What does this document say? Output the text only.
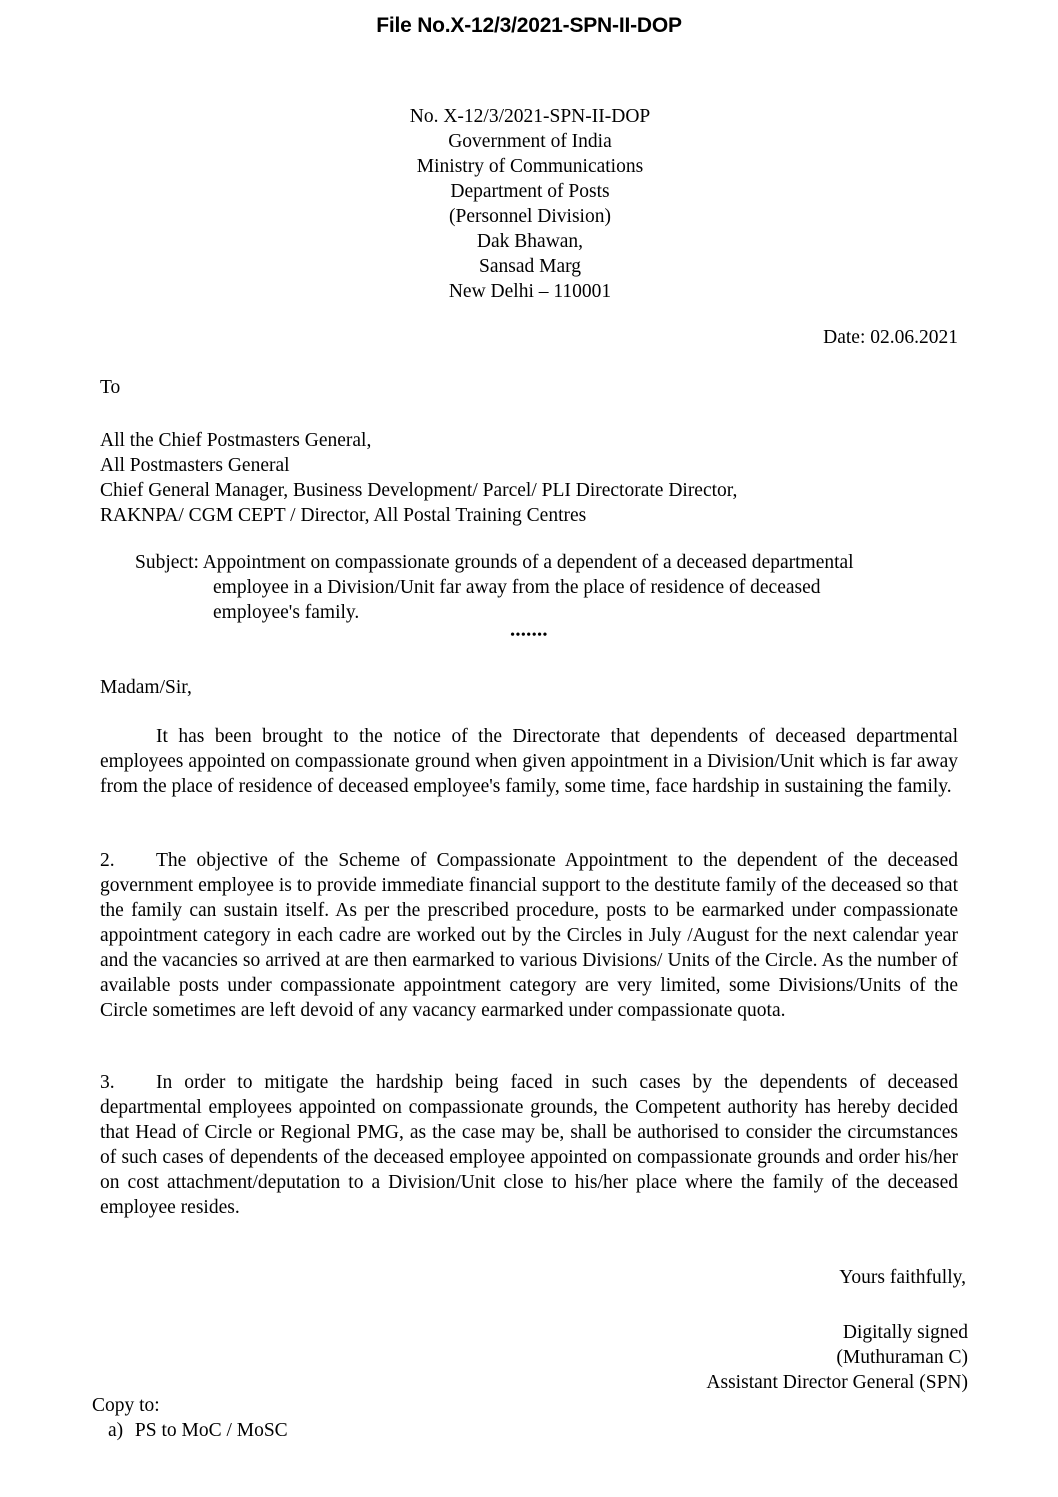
File No.X-12/3/2021-SPN-II-DOP
No. X-12/3/2021-SPN-II-DOP
Government of India
Ministry of Communications
Department of Posts
(Personnel Division)
Dak Bhawan,
Sansad Marg
New Delhi – 110001
Date: 02.06.2021
To
All the Chief Postmasters General,
All Postmasters General
Chief General Manager, Business Development/ Parcel/ PLI Directorate Director,
RAKNPA/ CGM CEPT / Director, All Postal Training Centres
Subject: Appointment on compassionate grounds of a dependent of a deceased departmental
employee in a Division/Unit far away from the place of residence of deceased
employee's family.
•••••••
Madam/Sir,
It has been brought to the notice of the Directorate that dependents of deceased departmental employees appointed on compassionate ground when given appointment in a Division/Unit which is far away from the place of residence of deceased employee's family, some time, face hardship in sustaining the family.
2. The objective of the Scheme of Compassionate Appointment to the dependent of the deceased government employee is to provide immediate financial support to the destitute family of the deceased so that the family can sustain itself. As per the prescribed procedure, posts to be earmarked under compassionate appointment category in each cadre are worked out by the Circles in July /August for the next calendar year and the vacancies so arrived at are then earmarked to various Divisions/ Units of the Circle. As the number of available posts under compassionate appointment category are very limited, some Divisions/Units of the Circle sometimes are left devoid of any vacancy earmarked under compassionate quota.
3. In order to mitigate the hardship being faced in such cases by the dependents of deceased departmental employees appointed on compassionate grounds, the Competent authority has hereby decided that Head of Circle or Regional PMG, as the case may be, shall be authorised to consider the circumstances of such cases of dependents of the deceased employee appointed on compassionate grounds and order his/her on cost attachment/deputation to a Division/Unit close to his/her place where the family of the deceased employee resides.
Yours faithfully,
Digitally signed
(Muthuraman C)
Assistant Director General (SPN)
Copy to:
a) PS to MoC / MoSC
